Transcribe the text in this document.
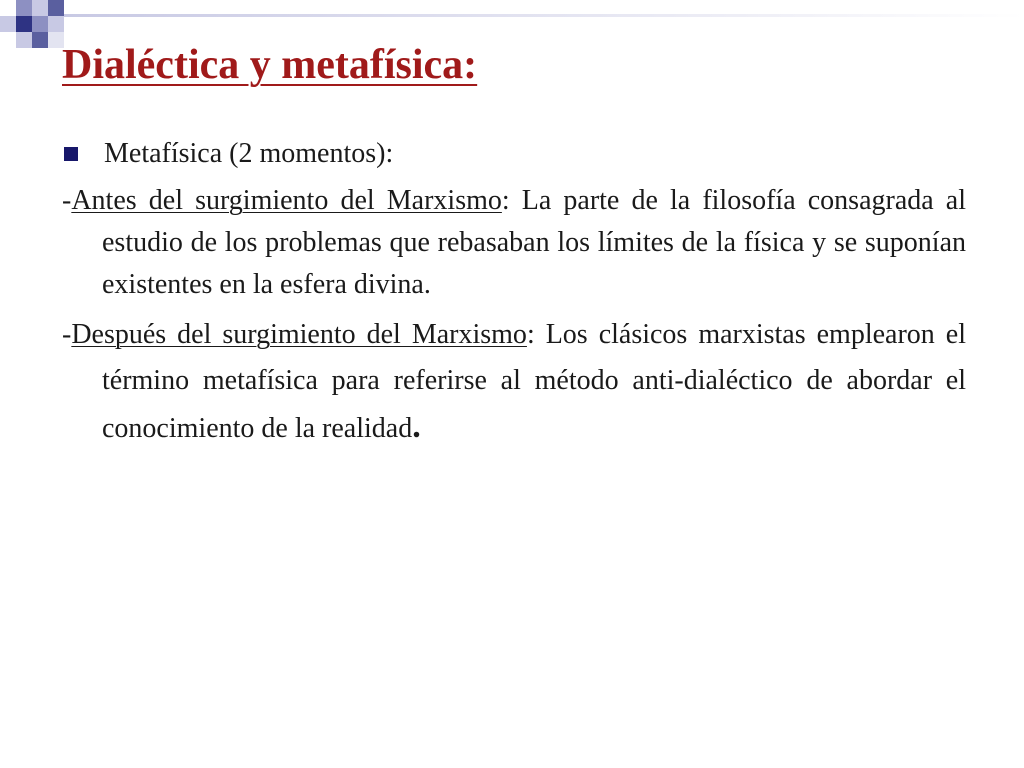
Dialéctica y metafísica:
Metafísica (2 momentos):

-Antes del surgimiento del Marxismo: La parte de la filosofía consagrada al estudio de los problemas que rebasaban los límites de la física y se suponían existentes en la esfera divina.

-Después del surgimiento del Marxismo: Los clásicos marxistas emplearon el término metafísica para referirse al método anti-dialéctico de abordar el conocimiento de la realidad.
